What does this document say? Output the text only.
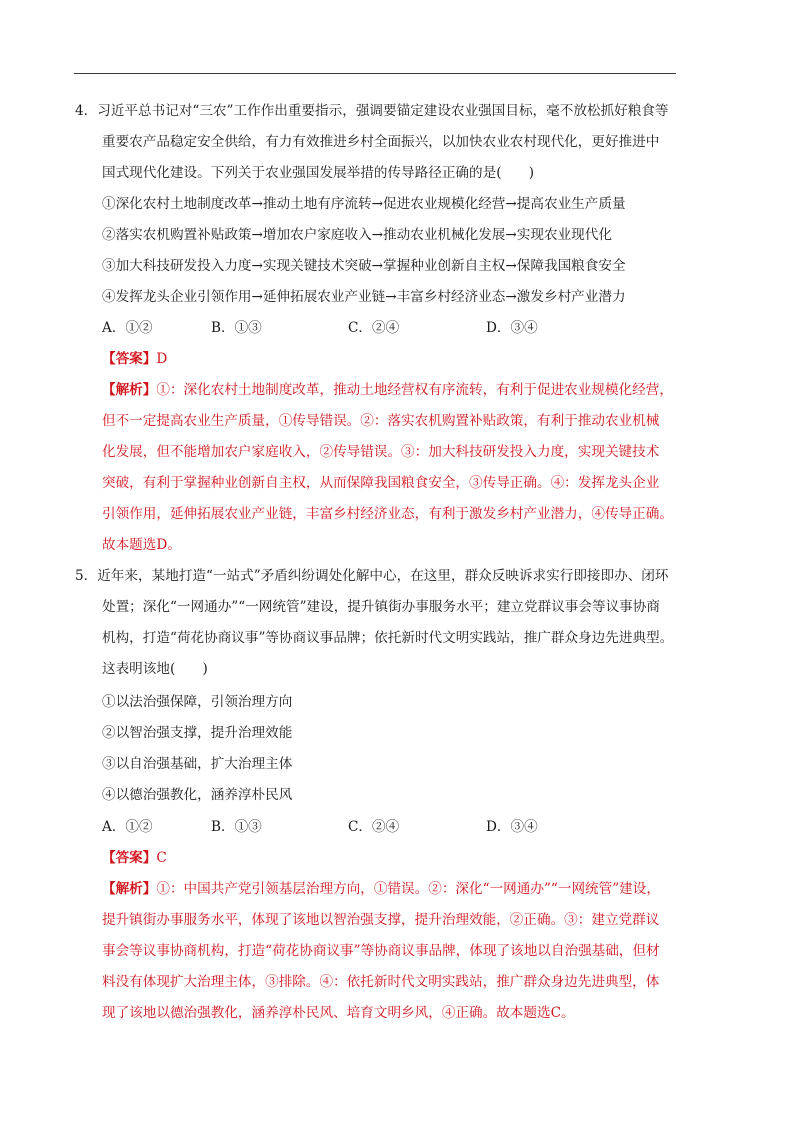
4．习近平总书记对“三农”工作作出重要指示，强调要锚定建设农业强国目标，毫不放松抓好粮食等
重要农产品稳定安全供给，有力有效推进乡村全面振兴，以加快农业农村现代化，更好推进中
国式现代化建设。下列关于农业强国发展举措的传导路径正确的是(　　)
①深化农村土地制度改革→推动土地有序流转→促进农业规模化经营→提高农业生产质量
②落实农机购置补贴政策→增加农户家庭收入→推动农业机械化发展→实现农业现代化
③加大科技研发投入力度→实现关键技术突破→掌握种业创新自主权→保障我国粮食安全
④发挥龙头企业引领作用→延伸拓展农业产业链→丰富乡村经济业态→激发乡村产业潜力
A．①②	B．①③	C．②④	D．③④
【答案】D
【解析】①：深化农村土地制度改革，推动土地经营权有序流转，有利于促进农业规模化经营，
但不一定提高农业生产质量，①传导错误。②：落实农机购置补贴政策，有利于推动农业机械
化发展，但不能增加农户家庭收入，②传导错误。③：加大科技研发投入力度，实现关键技术
突破，有利于掌握种业创新自主权，从而保障我国粮食安全，③传导正确。④：发挥龙头企业
引领作用，延伸拓展农业产业链，丰富乡村经济业态，有利于激发乡村产业潜力，④传导正确。
故本题选D。
5．近年来，某地打造“一站式”矛盾纠纷调处化解中心，在这里，群众反映诉求实行即接即办、闭环
处置；深化“一网通办”“一网统管”建设，提升镇街办事服务水平；建立党群议事会等议事协商
机构，打造“荷花协商议事”等协商议事品牌；依托新时代文明实践站，推广群众身边先进典型。
这表明该地(　　)
①以法治强保障，引领治理方向
②以智治强支撑，提升治理效能
③以自治强基础，扩大治理主体
④以德治强教化，涵养淳朴民风
A．①②	B．①③	C．②④	D．③④
【答案】C
【解析】①：中国共产党引领基层治理方向，①错误。②：深化“一网通办”“一网统管”建设，
提升镇街办事服务水平，体现了该地以智治强支撑，提升治理效能，②正确。③：建立党群议
事会等议事协商机构，打造“荷花协商议事”等协商议事品牌，体现了该地以自治强基础，但材
料没有体现扩大治理主体，③排除。④：依托新时代文明实践站，推广群众身边先进典型，体
现了该地以德治强教化，涵养淳朴民风、培育文明乡风，④正确。故本题选C。
